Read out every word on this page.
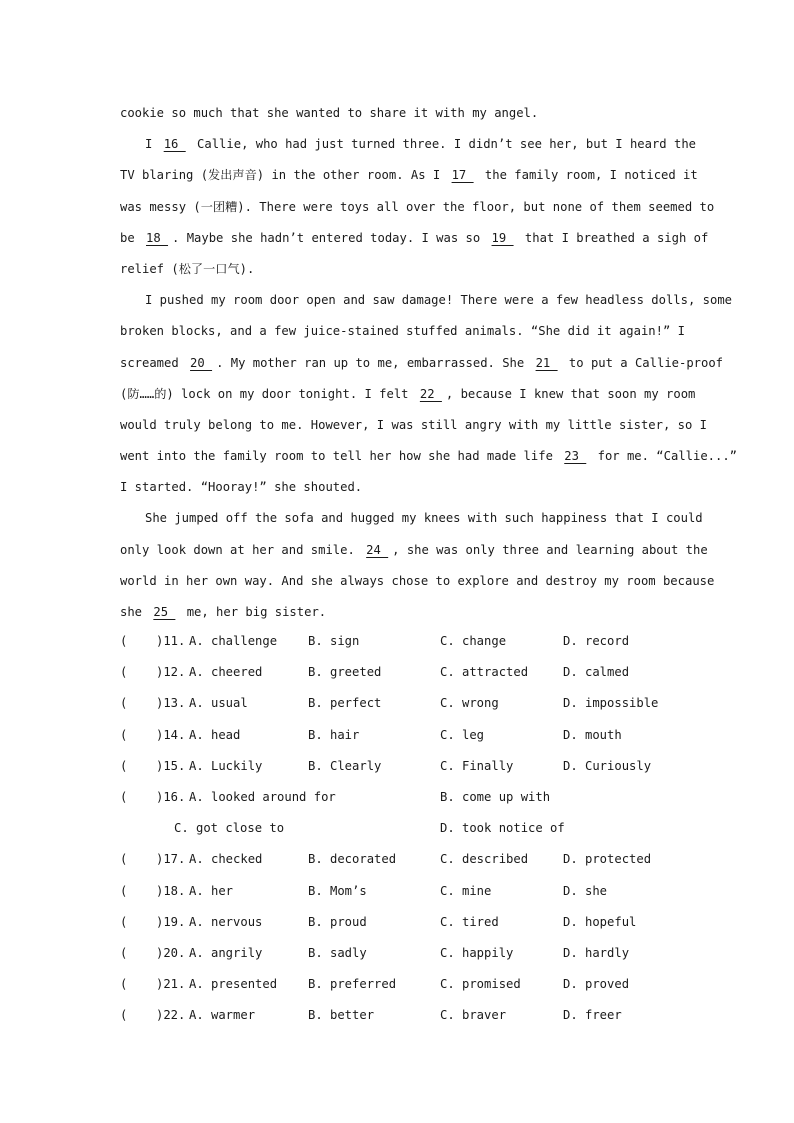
cookie so much that she wanted to share it with my angel.
I 16  Callie, who had just turned three. I didn’t see her, but I heard the
TV blaring (发出声音) in the other room. As I 17  the family room, I noticed it
was messy (一团糟). There were toys all over the floor, but none of them seemed to
be 18 . Maybe she hadn’t entered today. I was so 19  that I breathed a sigh of
relief (松了一口气).
I pushed my room door open and saw damage! There were a few headless dolls, some
broken blocks, and a few juice-stained stuffed animals. “She did it again!” I
screamed 20 . My mother ran up to me, embarrassed. She 21  to put a Callie-proof
(防……的) lock on my door tonight. I felt 22 , because I knew that soon my room
would truly belong to me. However, I was still angry with my little sister, so I
went into the family room to tell her how she had made life 23  for me. “Callie...”
I started. “Hooray!” she shouted.
She jumped off the sofa and hugged my knees with such happiness that I could
only look down at her and smile. 24 , she was only three and learning about the
world in her own way. And she always chose to explore and destroy my room because
she 25  me, her big sister.
( )11. A. challenge	B. sign	C. change	D. record
( )12. A. cheered	B. greeted	C. attracted	D. calmed
( )13. A. usual	B. perfect	C. wrong	D. impossible
( )14. A. head	B. hair	C. leg	D. mouth
( )15. A. Luckily	B. Clearly	C. Finally	D. Curiously
( )16. A. looked around for	B. come up with
C. got close to	D. took notice of
( )17. A. checked	B. decorated	C. described	D. protected
( )18. A. her	B. Mom’s	C. mine	D. she
( )19. A. nervous	B. proud	C. tired	D. hopeful
( )20. A. angrily	B. sadly	C. happily	D. hardly
( )21. A. presented	B. preferred	C. promised	D. proved
( )22. A. warmer	B. better	C. braver	D. freer
